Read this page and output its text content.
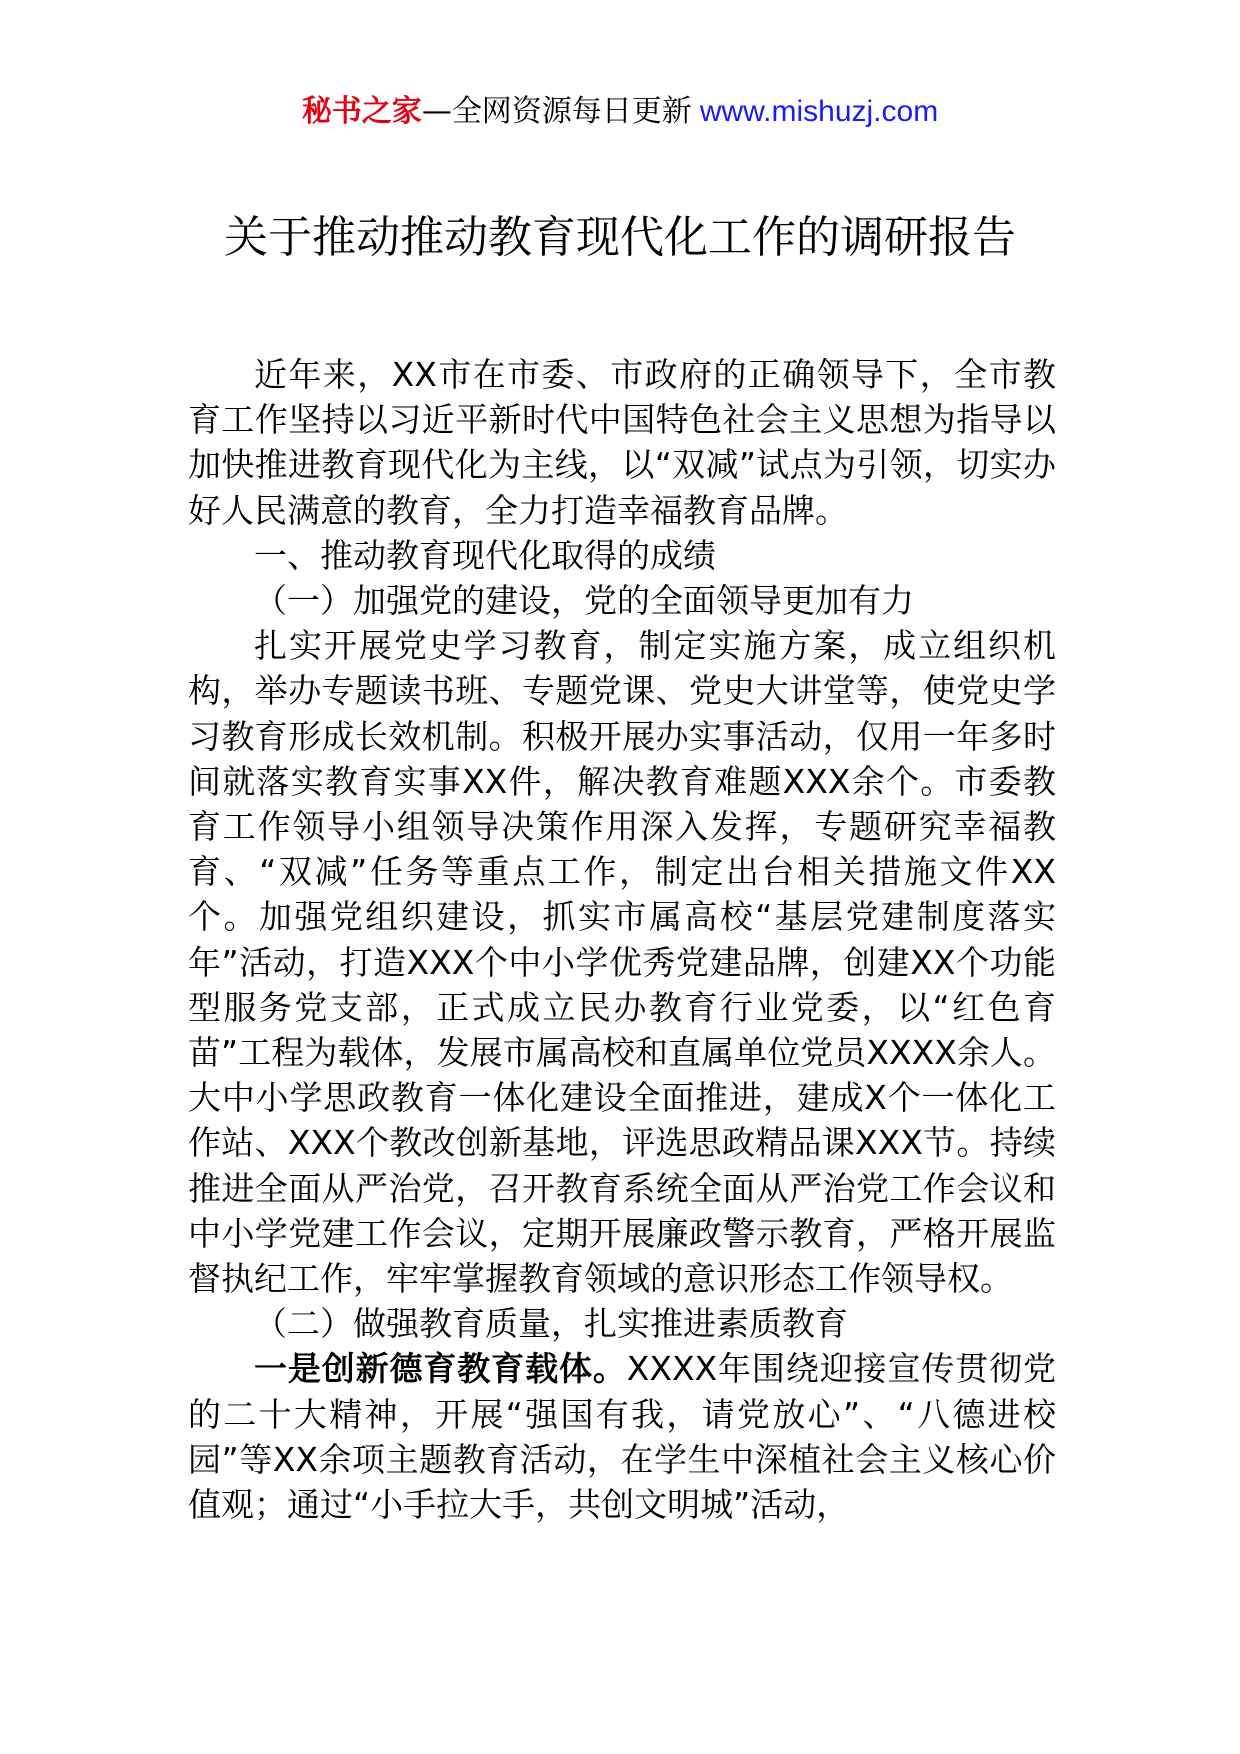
秘书之家—全网资源每日更新 www.mishuzj.com
关于推动推动教育现代化工作的调研报告

近年来，XX市在市委、市政府的正确领导下，全市教育工作坚持以习近平新时代中国特色社会主义思想为指导以加快推进教育现代化为主线，以“双减”试点为引领，切实办好人民满意的教育，全力打造幸福教育品牌。

一、推动教育现代化取得的成绩

（一）加强党的建设，党的全面领导更加有力

扎实开展党史学习教育，制定实施方案，成立组织机构，举办专题读书班、专题党课、党史大讲堂等，使党史学习教育形成长效机制。积极开展办实事活动，仅用一年多时间就落实教育实事XX件，解决教育难题XXX余个。市委教育工作领导小组领导决策作用深入发挥，专题研究幸福教育、“双减”任务等重点工作，制定出台相关措施文件XX个。加强党组织建设，抓实市属高校“基层党建制度落实年”活动，打造XXX个中小学优秀党建品牌，创建XX个功能型服务党支部，正式成立民办教育行业党委，以“红色育苗”工程为载体，发展市属高校和直属单位党员XXXX余人。大中小学思政教育一体化建设全面推进，建成X个一体化工作站、XXX个教改创新基地，评选思政精品课XXX节。持续推进全面从严治党，召开教育系统全面从严治党工作会议和中小学党建工作会议，定期开展廉政警示教育，严格开展监督执纪工作，牢牢掌握教育领域的意识形态工作领导权。

（二）做强教育质量，扎实推进素质教育

一是创新德育教育载体。XXXX年围绕迎接宣传贯彻党的二十大精神，开展“强国有我，请党放心”、“八德进校园”等XX余项主题教育活动，在学生中深植社会主义核心价值观；通过“小手拉大手，共创文明城”活动，
